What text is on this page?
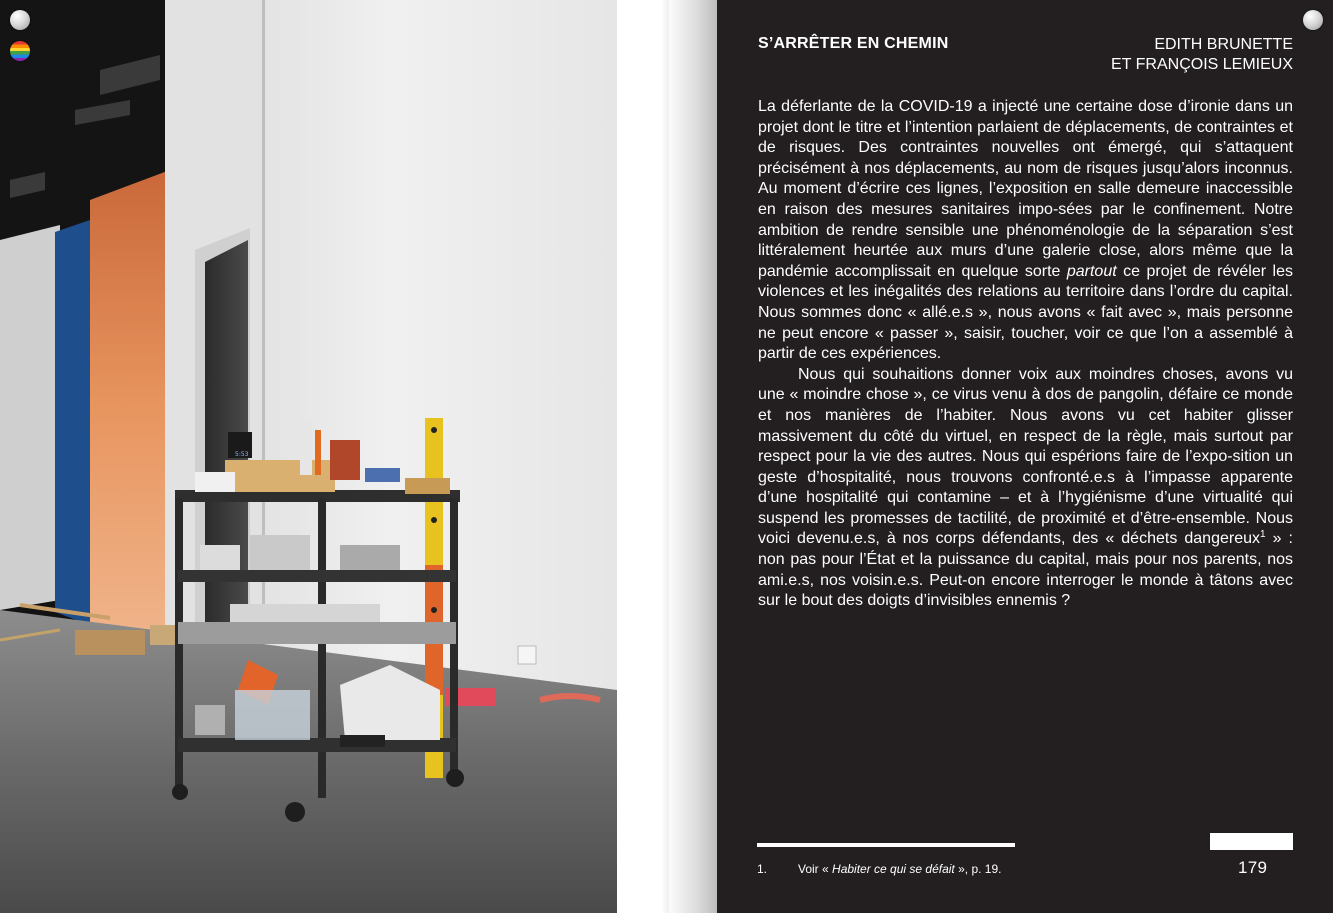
5:53
S’ARRÊTER EN CHEMIN	EDITH BRUNETTE
ET FRANÇOIS LEMIEUX

La déferlante de la COVID-19 a injecté une certaine dose d’ironie dans un projet dont le titre et l’intention parlaient de déplacements, de contraintes et de risques. Des contraintes nouvelles ont émergé, qui s’attaquent précisément à nos déplacements, au nom de risques jusqu’alors inconnus. Au moment d’écrire ces lignes, l’exposition en salle demeure inaccessible en raison des mesures sanitaires impo-sées par le confinement. Notre ambition de rendre sensible une phénoménologie de la séparation s’est littéralement heurtée aux murs d’une galerie close, alors même que la pandémie accomplissait en quelque sorte partout ce projet de révéler les violences et les inégalités des relations au territoire dans l’ordre du capital. Nous sommes donc « allé.e.s », nous avons « fait avec », mais personne ne peut encore « passer », saisir, toucher, voir ce que l’on a assemblé à partir de ces expériences.

Nous qui souhaitions donner voix aux moindres choses, avons vu une « moindre chose », ce virus venu à dos de pangolin, défaire ce monde et nos manières de l’habiter. Nous avons vu cet habiter glisser massivement du côté du virtuel, en respect de la règle, mais surtout par respect pour la vie des autres. Nous qui espérions faire de l’expo-sition un geste d’hospitalité, nous trouvons confronté.e.s à l’impasse apparente d’une hospitalité qui contamine – et à l’hygiénisme d’une virtualité qui suspend les promesses de tactilité, de proximité et d’être-ensemble. Nous voici devenu.e.s, à nos corps défendants, des « déchets dangereux$^1$ » : non pas pour l’État et la puissance du capital, mais pour nos parents, nos ami.e.s, nos voisin.e.s. Peut-on encore interroger le monde à tâtons avec sur le bout des doigts d’invisibles ennemis ?

1.	Voir « Habiter ce qui se défait », p. 19.	179
